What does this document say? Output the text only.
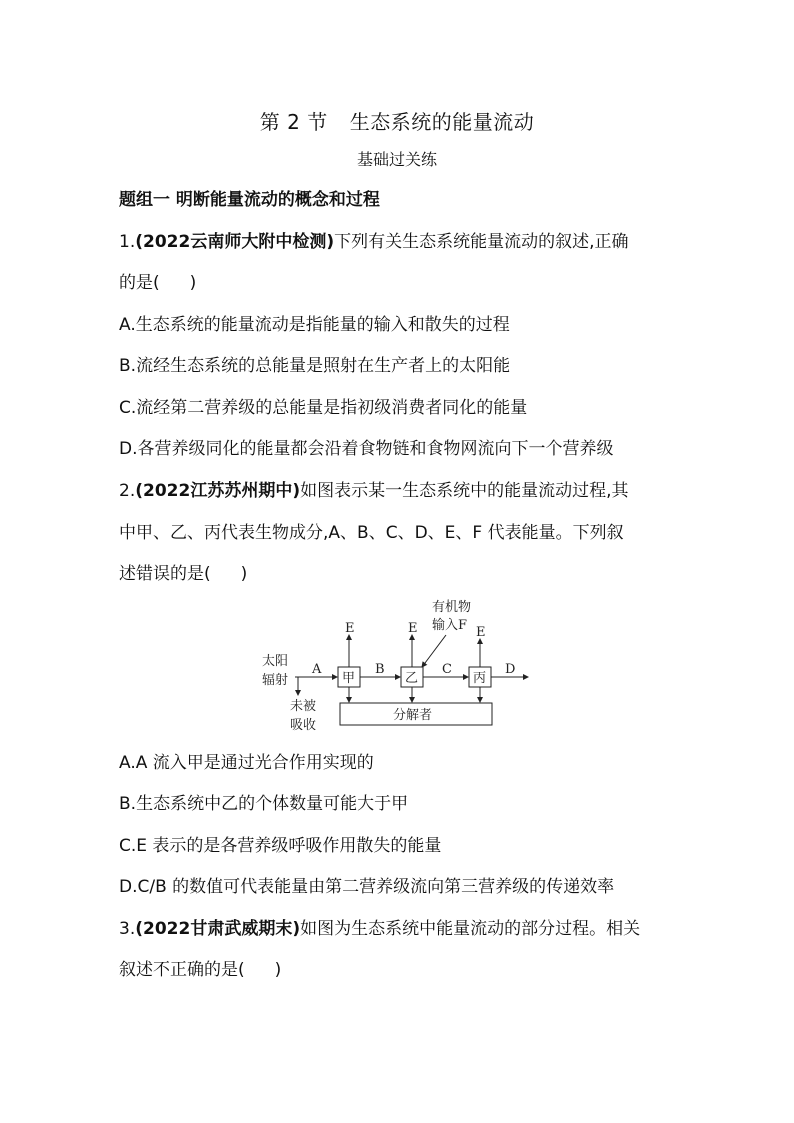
第 2 节 生态系统的能量流动
基础过关练
题组一 明断能量流动的概念和过程
1.(2022云南师大附中检测)下列有关生态系统能量流动的叙述,正确
的是( )
A.生态系统的能量流动是指能量的输入和散失的过程
B.流经生态系统的总能量是照射在生产者上的太阳能
C.流经第二营养级的总能量是指初级消费者同化的能量
D.各营养级同化的能量都会沿着食物链和食物网流向下一个营养级
2.(2022江苏苏州期中)如图表示某一生态系统中的能量流动过程,其
中甲、乙、丙代表生物成分,A、B、C、D、E、F 代表能量。下列叙
述错误的是( )
太阳
辐射
未被
吸收
有机物
输入F
甲	乙	丙
分解者
A	B	C	D
E	E	E
A.A 流入甲是通过光合作用实现的
B.生态系统中乙的个体数量可能大于甲
C.E 表示的是各营养级呼吸作用散失的能量
D.C/B 的数值可代表能量由第二营养级流向第三营养级的传递效率
3.(2022甘肃武威期末)如图为生态系统中能量流动的部分过程。相关
叙述不正确的是( )
